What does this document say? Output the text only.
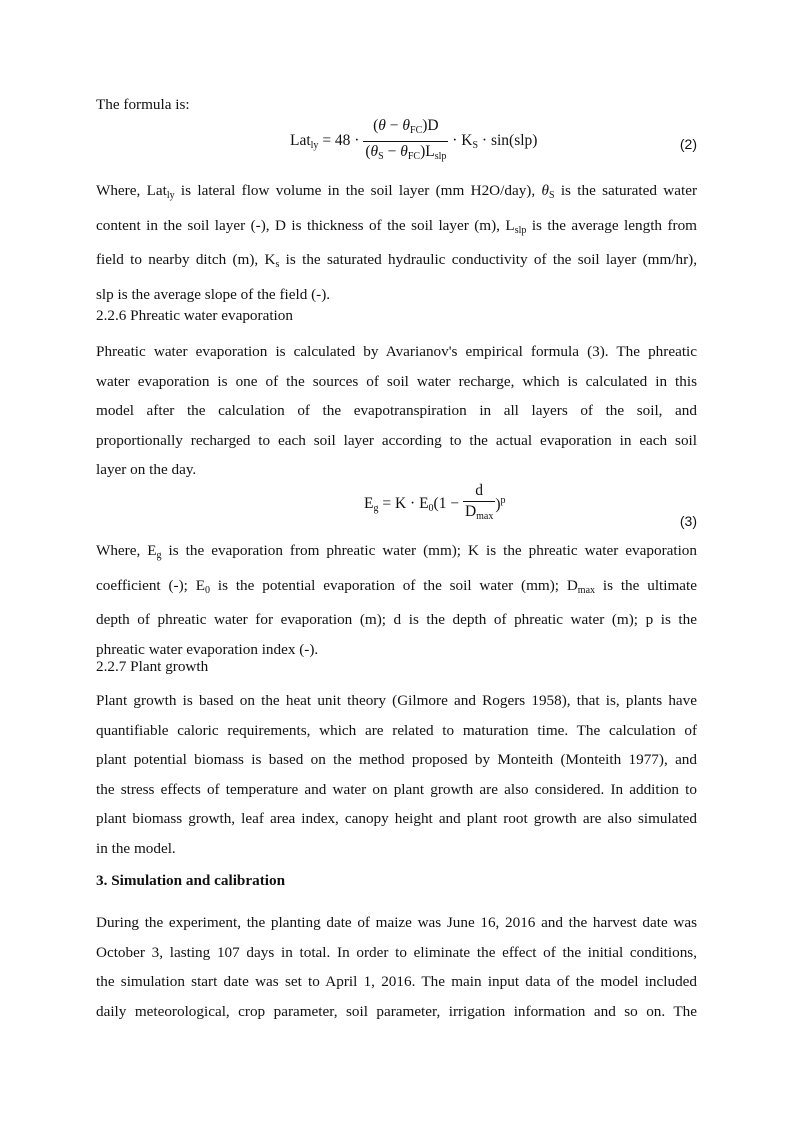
The formula is:

$Lat_{ly} = 48 \cdot \frac{(\theta - \theta_{FC})D}{(\theta_S - \theta_{FC})L_{slp}} \cdot K_S \cdot \sin(slp)$	(2)

Where, Lat$_{ly}$ is lateral flow volume in the soil layer (mm H2O/day), $\theta_S$ is the saturated water

content in the soil layer (-), D is thickness of the soil layer (m), $L_{slp}$ is the average length from

field to nearby ditch (m), $K_s$ is the saturated hydraulic conductivity of the soil layer (mm/hr),

slp is the average slope of the field (-).

2.2.6 Phreatic water evaporation

Phreatic water evaporation is calculated by Avarianov's empirical formula (3). The phreatic

water evaporation is one of the sources of soil water recharge, which is calculated in this

model after the calculation of the evapotranspiration in all layers of the soil, and

proportionally recharged to each soil layer according to the actual evaporation in each soil

layer on the day.

$E_g = K \cdot E_0(1 - \frac{d}{D_{max}} )^p$
(3)

Where, $E_g$ is the evaporation from phreatic water (mm); K is the phreatic water evaporation

coefficient (-); $E_0$ is the potential evaporation of the soil water (mm); $D_{max}$ is the ultimate

depth of phreatic water for evaporation (m); d is the depth of phreatic water (m); p is the

phreatic water evaporation index (-).

2.2.7 Plant growth

Plant growth is based on the heat unit theory (Gilmore and Rogers 1958), that is, plants have

quantifiable caloric requirements, which are related to maturation time. The calculation of

plant potential biomass is based on the method proposed by Monteith (Monteith 1977), and

the stress effects of temperature and water on plant growth are also considered. In addition to

plant biomass growth, leaf area index, canopy height and plant root growth are also simulated

in the model.

3. Simulation and calibration

During the experiment, the planting date of maize was June 16, 2016 and the harvest date was

October 3, lasting 107 days in total. In order to eliminate the effect of the initial conditions,

the simulation start date was set to April 1, 2016. The main input data of the model included

daily meteorological, crop parameter, soil parameter, irrigation information and so on. The
